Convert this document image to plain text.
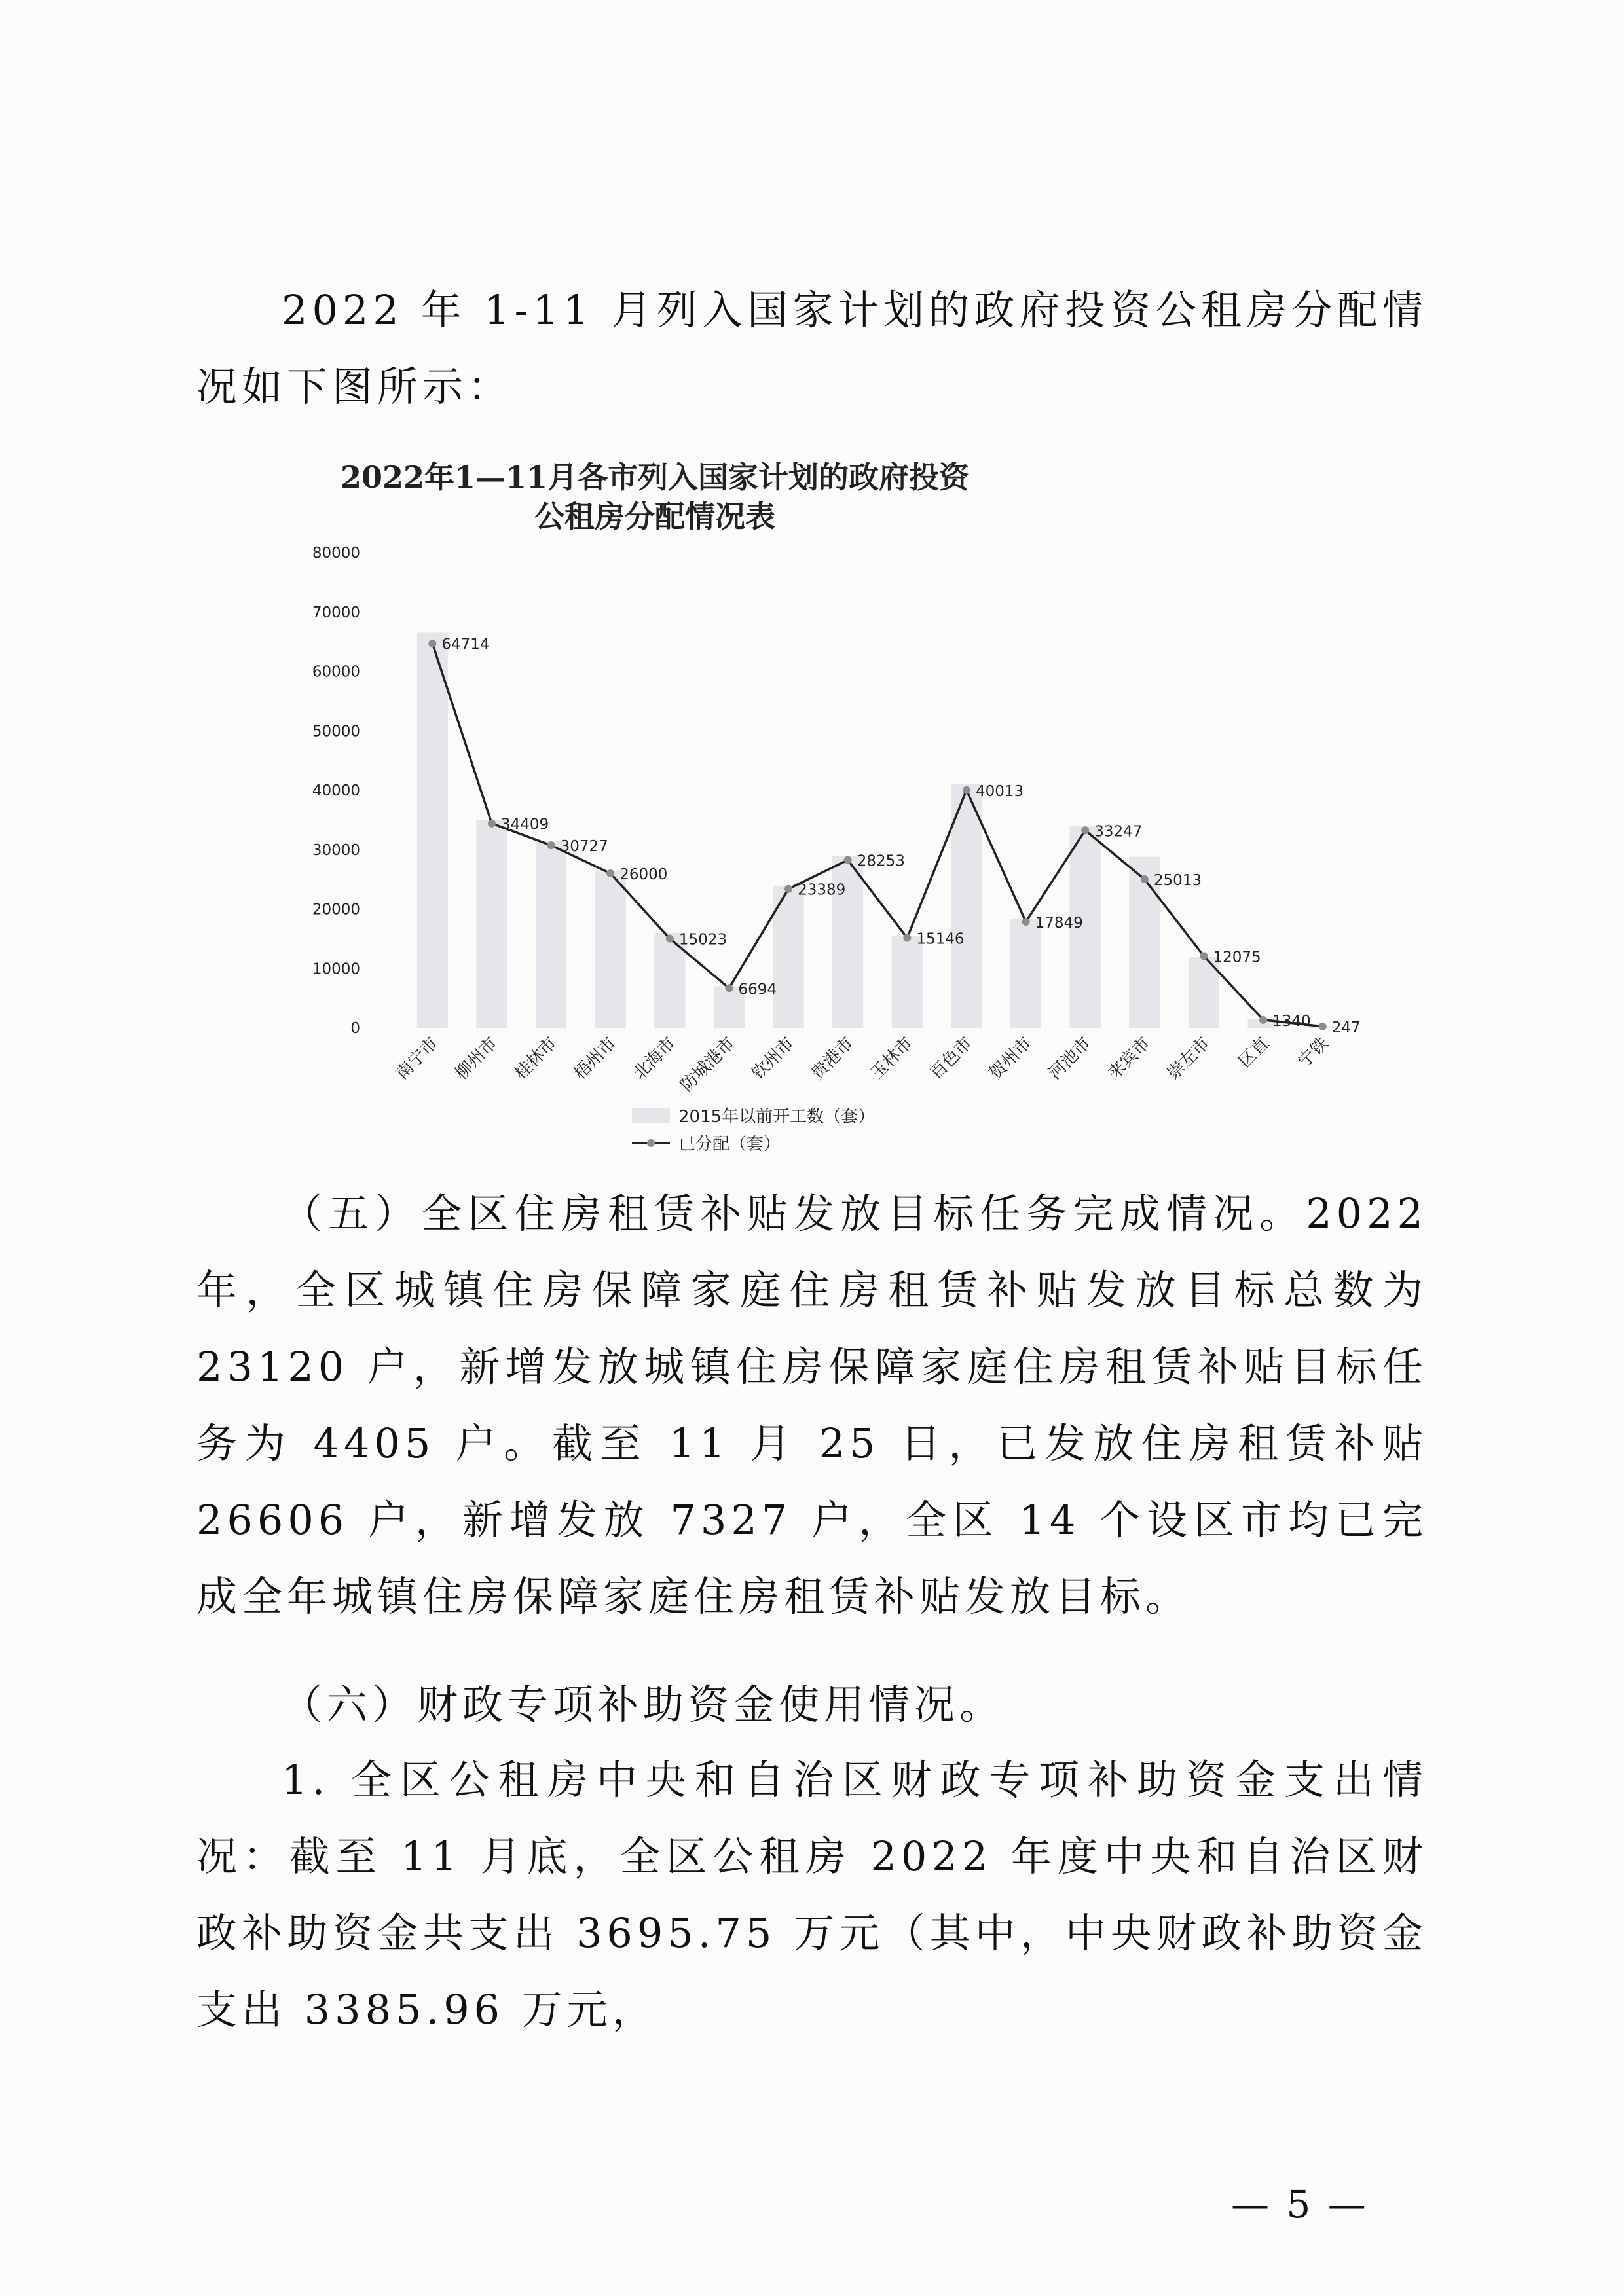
2022 年 1-11 月列入国家计划的政府投资公租房分配情况如下图所示：

2022年1—11月各市列入国家计划的政府投资
公租房分配情况表
0
10000
20000
30000
40000
50000
60000
70000
80000
64714
34409
30727
26000
15023
6694
23389
28253
15146
40013
17849
33247
25013
12075
1340 247
南宁市 柳州市 桂林市 梧州市 北海市
防城港市 钦州市 贵港市 玉林市 百色市 贺州市 河池市 来宾市 崇左市 区直 宁铁
2015年以前开工数（套）
已分配（套）

（五）全区住房租赁补贴发放目标任务完成情况。2022 年，全区城镇住房保障家庭住房租赁补贴发放目标总数为 23120 户，新增发放城镇住房保障家庭住房租赁补贴目标任务为 4405 户。截至 11 月 25 日，已发放住房租赁补贴 26606 户，新增发放 7327 户，全区 14 个设区市均已完成全年城镇住房保障家庭住房租赁补贴发放目标。

（六）财政专项补助资金使用情况。

1. 全区公租房中央和自治区财政专项补助资金支出情况：截至 11 月底，全区公租房 2022 年度中央和自治区财政补助资金共支出 3695.75 万元（其中，中央财政补助资金支出 3385.96 万元，

— 5 —
